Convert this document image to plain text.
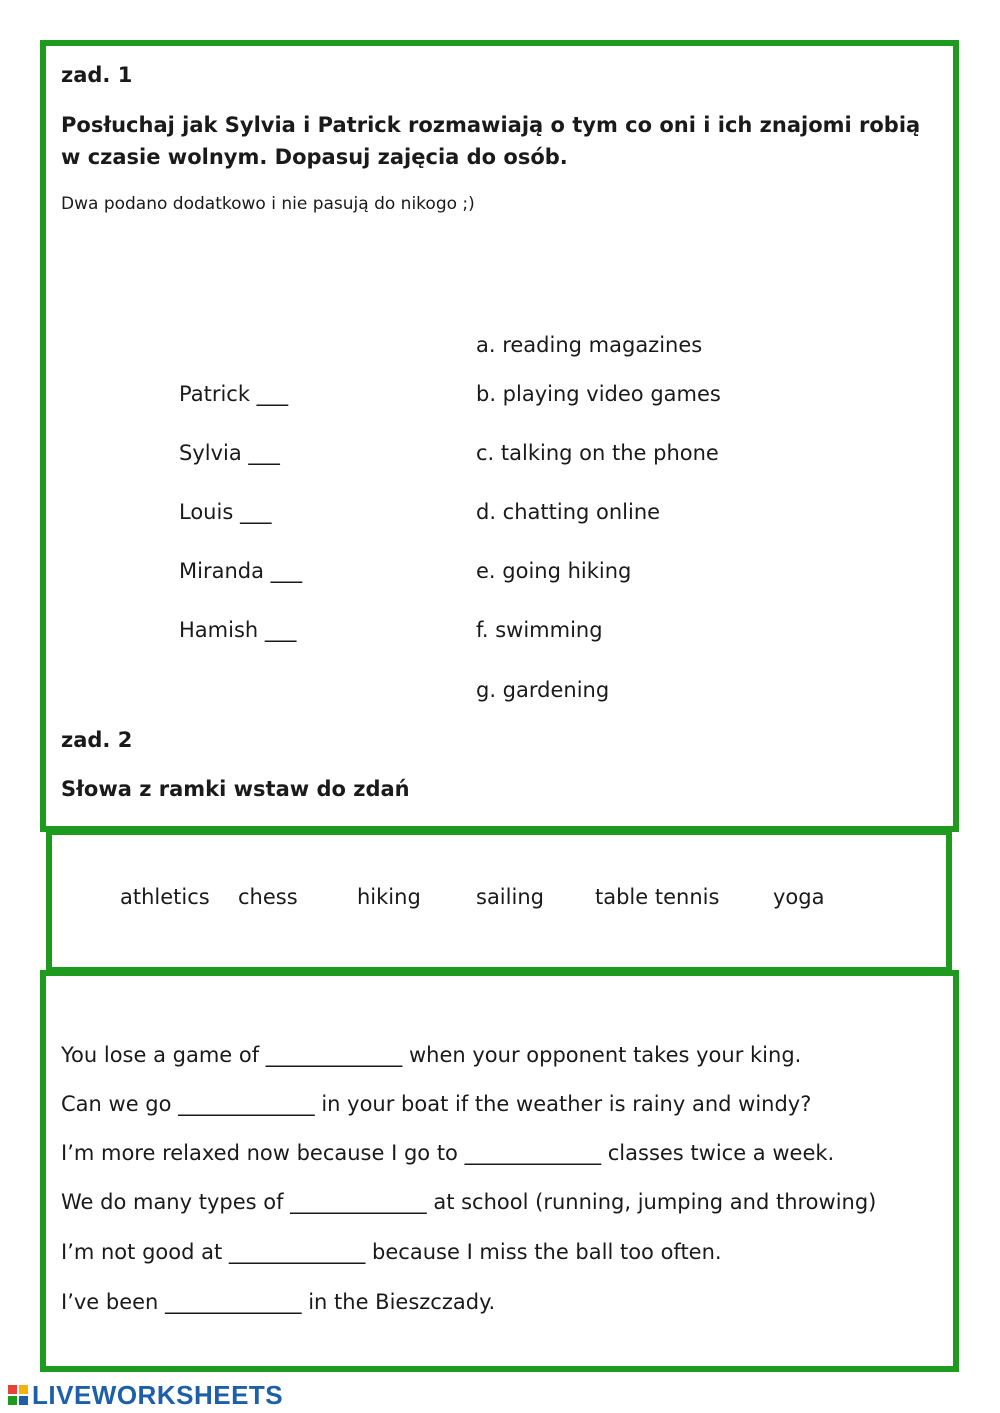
zad. 1
Posłuchaj jak Sylvia i Patrick rozmawiają o tym co oni i ich znajomi robią w czasie wolnym. Dopasuj zajęcia do osób.
Dwa podano dodatkowo i nie pasują do nikogo ;)
Patrick ___
Sylvia ___
Louis ___
Miranda ___
Hamish ___
a. reading magazines
b. playing video games
c. talking on the phone
d. chatting online
e. going hiking
f. swimming
g. gardening
zad. 2
Słowa z ramki wstaw do zdań
athletics chess	hiking	sailing table tennis	yoga
You lose a game of _____________ when your opponent takes your king.
Can we go _____________ in your boat if the weather is rainy and windy?
I’m more relaxed now because I go to _____________ classes twice a week.
We do many types of _____________ at school (running, jumping and throwing)
I’m not good at _____________ because I miss the ball too often.
I’ve been _____________ in the Bieszczady.
LIVEWORKSHEETS
